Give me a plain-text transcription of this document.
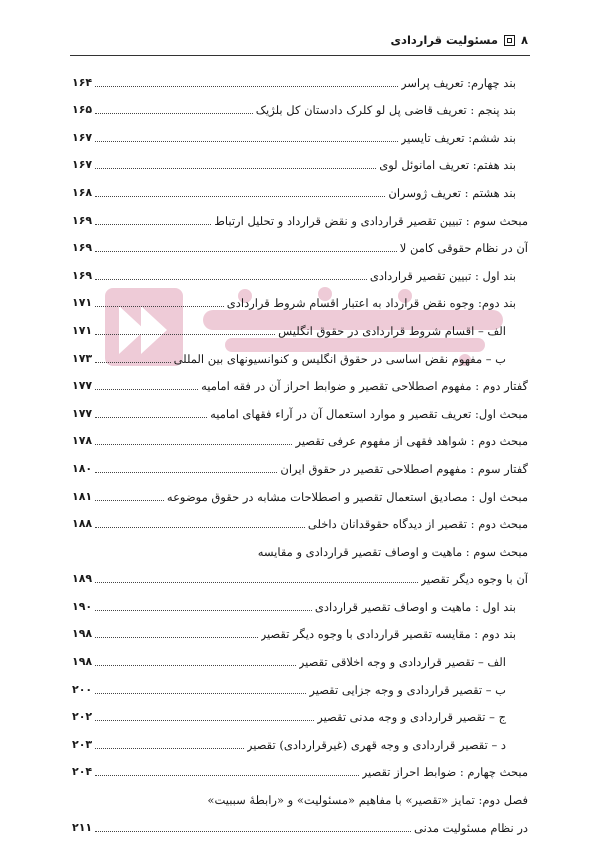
۸
مسئولیت قراردادی
بند چهارم: تعریف پراسر
۱۶۴
بند پنجم : تعریف قاضی پل لو کلرک دادستان کل بلژیک
۱۶۵
بند ششم: تعریف تایسیر
۱۶۷
بند هفتم: تعریف امانوئل لوی
۱۶۷
بند هشتم : تعریف ژوسران
۱۶۸
مبحث سوم : تبیین تقصیر قراردادی و نقض قرارداد و تحلیل ارتباط
۱۶۹
آن در نظام حقوقی کامن لا
۱۶۹
بند اول : تبیین تقصیر قراردادی
۱۶۹
بند دوم: وجوه نقض قرارداد به اعتبار اقسام شروط قراردادی
۱۷۱
الف – اقسام شروط قراردادی در حقوق انگلیس
۱۷۱
ب – مفهوم نقض اساسی در حقوق انگلیس و کنوانسیونهای بین المللی
۱۷۳
گفتار دوم : مفهوم اصطلاحی تقصیر و ضوابط احراز آن در فقه امامیه
۱۷۷
مبحث اول: تعریف تقصیر و موارد استعمال آن در آراء فقهای امامیه
۱۷۷
مبحث دوم : شواهد فقهی از مفهوم عرفی تقصیر
۱۷۸
گفتار سوم : مفهوم اصطلاحی تقصیر در حقوق ایران
۱۸۰
مبحث اول : مصادیق استعمال تقصیر و اصطلاحات مشابه در حقوق موضوعه
۱۸۱
مبحث دوم : تقصیر از دیدگاه حقوقدانان داخلی
۱۸۸
مبحث سوم : ماهیت و اوصاف تقصیر قراردادی و مقایسه
آن با وجوه دیگر تقصیر
۱۸۹
بند اول : ماهیت و اوصاف تقصیر قراردادی
۱۹۰
بند دوم : مقایسه تقصیر قراردادی با وجوه دیگر تقصیر
۱۹۸
الف – تقصیر قراردادی و وجه اخلاقی تقصیر
۱۹۸
ب – تقصیر قراردادی و وجه جزایی تقصیر
۲۰۰
ج – تقصیر قراردادی و وجه مدنی تقصیر
۲۰۲
د – تقصیر قراردادی و وجه قهری (غیرقراردادی) تقصیر
۲۰۳
مبحث چهارم : ضوابط احراز تقصیر
۲۰۴
فصل دوم: تمایز «تقصیر» با مفاهیم «مسئولیت» و «رابطهٔ سببیت»
در نظام مسئولیت مدنی
۲۱۱
